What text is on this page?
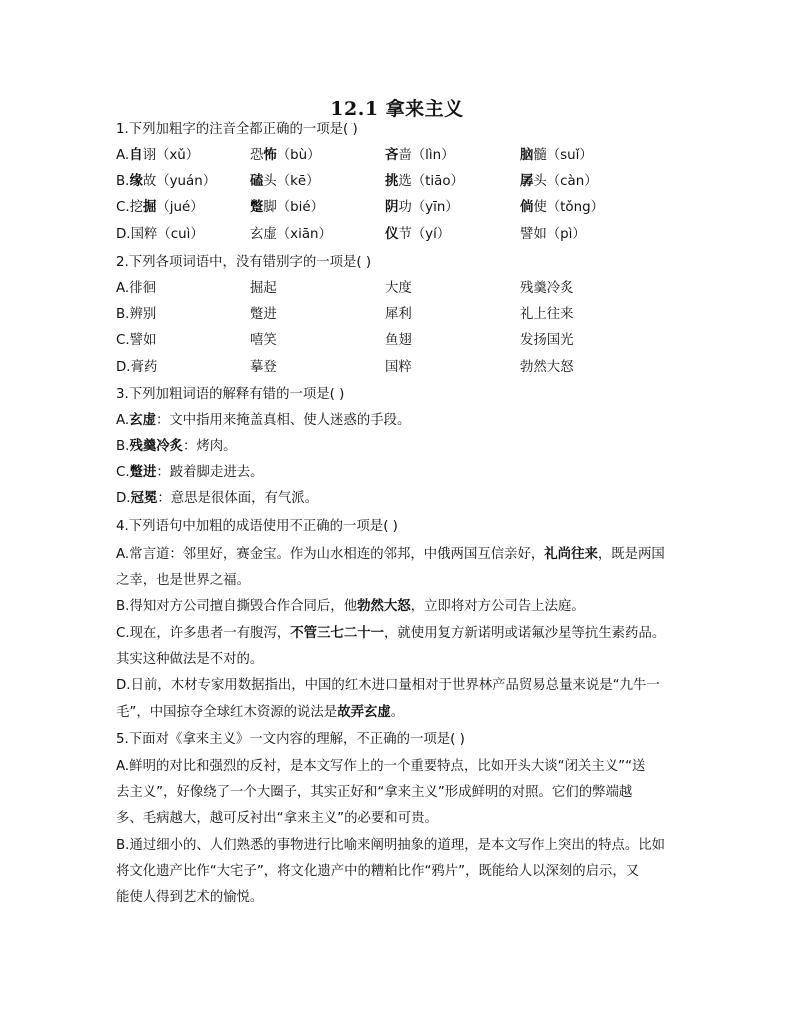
12.1 拿来主义
1.下列加粗字的注音全都正确的一项是( )
A.自诩（xǔ）	恐怖（bù）	吝啬（lìn）	脑髓（suǐ）
B.缘故（yuán）	磕头（kē）	挑选（tiāo）	孱头（càn）
C.挖掘（jué）	蹩脚（bié）	阴功（yīn）	倘使（tǒng）
D.国粹（cuì）	玄虚（xiān）	仪节（yí）	譬如（pì）
2.下列各项词语中，没有错别字的一项是( )
A.徘徊	掘起	大度	残羹冷炙
B.辨别	蹩进	犀利	礼上往来
C.譬如	嘻笑	鱼翅	发扬国光
D.膏药	摹登	国粹	勃然大怒
3.下列加粗词语的解释有错的一项是( )
A.玄虚：文中指用来掩盖真相、使人迷惑的手段。
B.残羹冷炙：烤肉。
C.蹩进：跛着脚走进去。
D.冠冕：意思是很体面，有气派。
4.下列语句中加粗的成语使用不正确的一项是( )
A.常言道：邻里好，赛金宝。作为山水相连的邻邦，中俄两国互信亲好，礼尚往来，既是两国
之幸，也是世界之福。
B.得知对方公司擅自撕毁合作合同后，他勃然大怒，立即将对方公司告上法庭。
C.现在，许多患者一有腹泻，不管三七二十一，就使用复方新诺明或诺氟沙星等抗生素药品。
其实这种做法是不对的。
D.日前，木材专家用数据指出，中国的红木进口量相对于世界林产品贸易总量来说是“九牛一
毛”，中国掠夺全球红木资源的说法是故弄玄虚。
5.下面对《拿来主义》一文内容的理解，不正确的一项是( )
A.鲜明的对比和强烈的反衬，是本文写作上的一个重要特点，比如开头大谈“闭关主义”“送
去主义”，好像绕了一个大圈子，其实正好和“拿来主义”形成鲜明的对照。它们的弊端越
多、毛病越大，越可反衬出“拿来主义”的必要和可贵。
B.通过细小的、人们熟悉的事物进行比喻来阐明抽象的道理，是本文写作上突出的特点。比如
将文化遗产比作“大宅子”，将文化遗产中的糟粕比作“鸦片”，既能给人以深刻的启示，又
能使人得到艺术的愉悦。
